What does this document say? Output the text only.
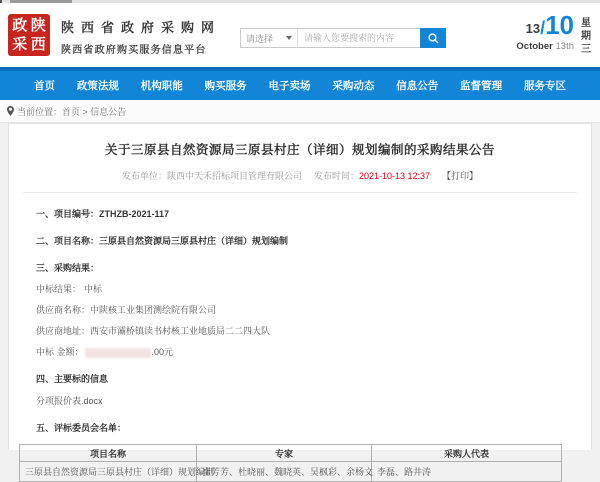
政 陕
采 西
陕西省政府采购网
陕西省政府购买服务信息平台
请选择
请输入您要搜索的内容
13 / 10
October 13th
星期三
首页 政策法规 机构职能 购买服务 电子卖场 采购动态 信息公告 监督管理 服务专区
当前位置： 首页 > 信息公告
关于三原县自然资源局三原县村庄（详细）规划编制的采购结果公告
发布单位：陕西中天禾招标项目管理有限公司 发布时间：2021-10-13 12:37 【打印】
一、项目编号：ZTHZB-2021-117
二、项目名称：三原县自然资源局三原县村庄（详细）规划编制
三、采购结果：
中标结果： 中标
供应商名称：中陕核工业集团测绘院有限公司
供应商地址：西安市灞桥镇读书村核工业地质局二二四大队
中标 金额：	.00元
四、主要标的信息
分项报价表.docx
五、评标委员会名单：
项目名称	专家	采购人代表
三原县自然资源局三原县村庄（详细）规划编制	崔芳芳、杜晓丽、魏晓英、吴枫彩、余杨文	李磊、路井涛
